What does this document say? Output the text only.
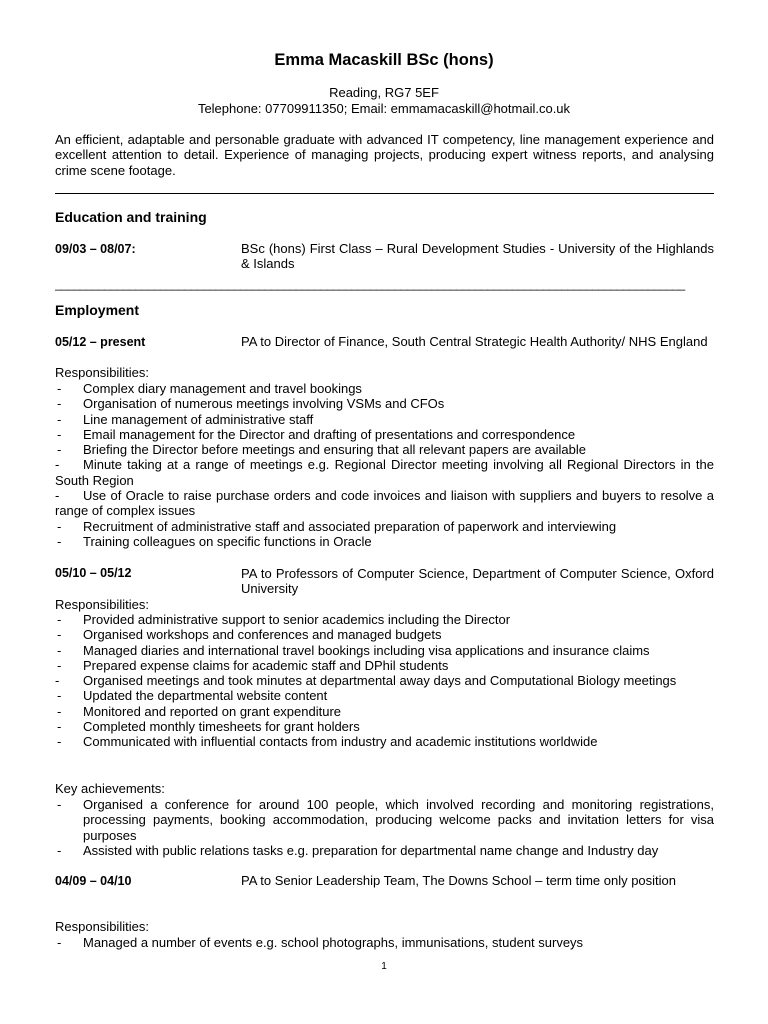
Emma Macaskill BSc (hons)
Reading, RG7 5EF
Telephone: 07709911350; Email: emmamacaskill@hotmail.co.uk
An efficient, adaptable and personable graduate with advanced IT competency, line management experience and excellent attention to detail. Experience of managing projects, producing expert witness reports, and analysing crime scene footage.
Education and training
09/03 – 08/07:	BSc (hons) First Class – Rural Development Studies - University of the Highlands & Islands
______________________________________________________________________________________________________
Employment
05/12 – present	PA to Director of Finance, South Central Strategic Health Authority/ NHS England
Responsibilities:
- Complex diary management and travel bookings
- Organisation of numerous meetings involving VSMs and CFOs
- Line management of administrative staff
- Email management for the Director and drafting of presentations and correspondence
- Briefing the Director before meetings and ensuring that all relevant papers are available
- Minute taking at a range of meetings e.g. Regional Director meeting involving all Regional Directors in the South Region
- Use of Oracle to raise purchase orders and code invoices and liaison with suppliers and buyers to resolve a range of complex issues
- Recruitment of administrative staff and associated preparation of paperwork and interviewing
- Training colleagues on specific functions in Oracle
05/10 – 05/12	PA to Professors of Computer Science, Department of Computer Science, Oxford University
Responsibilities:
- Provided administrative support to senior academics including the Director
- Organised workshops and conferences and managed budgets
- Managed diaries and international travel bookings including visa applications and insurance claims
- Prepared expense claims for academic staff and DPhil students
- Organised meetings and took minutes at departmental away days and Computational Biology meetings
- Updated the departmental website content
- Monitored and reported on grant expenditure
- Completed monthly timesheets for grant holders
- Communicated with influential contacts from industry and academic institutions worldwide
Key achievements:
- Organised a conference for around 100 people, which involved recording and monitoring registrations, processing payments, booking accommodation, producing welcome packs and invitation letters for visa purposes
- Assisted with public relations tasks e.g. preparation for departmental name change and Industry day
04/09 – 04/10	PA to Senior Leadership Team, The Downs School – term time only position
Responsibilities:
- Managed a number of events e.g. school photographs, immunisations, student surveys
1
